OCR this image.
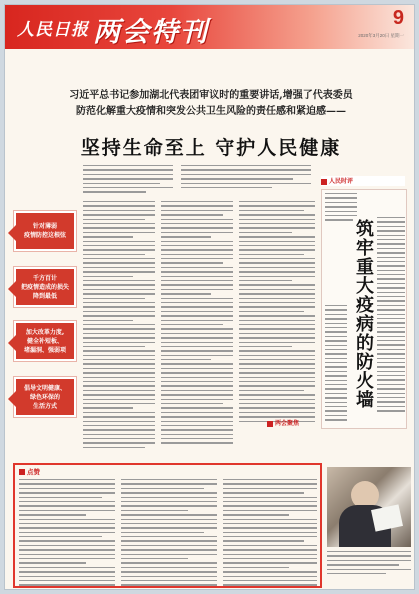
人民日报 两会特刊	9
2020年3月20日 星期一
习近平总书记参加湖北代表团审议时的重要讲话,增强了代表委员
防范化解重大疫情和突发公共卫生风险的责任感和紧迫感——
坚持生命至上 守护人民健康
针对薄弱
疫情防控这根弦
千方百计
把疫情造成的损失
降到最低
加大改革力度,
健全补短板、
堵漏洞、强弱项
倡导文明健康、
绿色环保的
生活方式
人民时评
筑牢重大疫病的防火墙
两会聚焦
点赞
